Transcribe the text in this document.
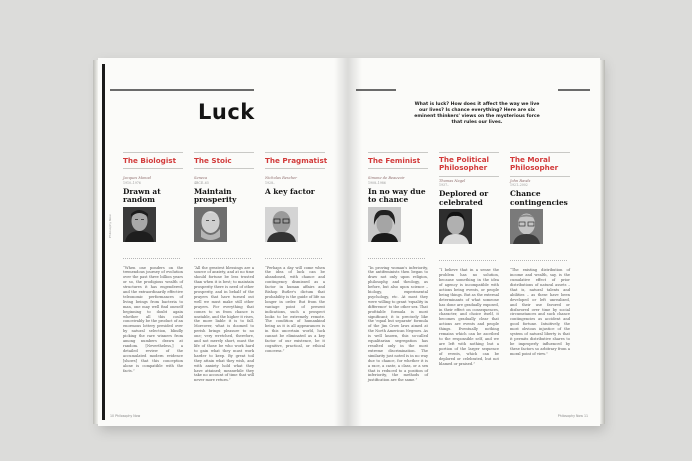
Luck
Philosophy Now
The Biologist
Jacques Monod
1910–1976
Drawn at random
“When one ponders on the tremendous journey of evolution over the past three billion years or so, the prodigious wealth of structures it has engendered, and the extraordinarily effective teleonomic performances of living beings from bacteria to man, one may well find oneself beginning to doubt again whether all this could conceivably be the product of an enormous lottery presided over by natural selection, blindly picking the rare winners from among numbers drawn at random. [Nevertheless,] a detailed review of the accumulated modern evidence [shows] that this conception alone is compatible with the facts.”
The Stoic
Seneca
4BCE–65
Maintain prosperity
“All the greatest blessings are a source of anxiety, and at no time should fortune be less trusted than when it is best; to maintain prosperity there is need of other prosperity, and in behalf of the prayers that have turned out well we must make still other prayers. For everything that comes to us from chance is unstable, and the higher it rises, the more liable it is to fall. Moreover, what is doomed to perish brings pleasure to no one; very wretched, therefore, and not merely short, must the life of those be who work hard to gain what they must work harder to keep. By great toil they attain what they wish, and with anxiety hold what they have attained; meanwhile they take no account of time that will never more return.”
The Pragmatist
Nicholas Rescher
1928–
A key factor
“Perhaps a day will come when the idea of luck can be abandoned, with chance and contingency dismissed as a factor in human affairs and Bishop Butler's dictum that probability is the guide of life no longer in order. But from the vantage point of present indications, such a prospect looks to be extremely remote. The condition of humankind being as it is all appearances is in this uncertain world, luck cannot be eliminated as a key factor of our existence, be it cognitive, practical, or ethical concerns.”
10 Philosophy Now
What is luck? How does it affect the way we live our lives? Is chance everything? Here are six eminent thinkers' views on the mysterious force that rules our lives.
The Feminist
Simone de Beauvoir
1908–1986
In no way due to chance
“In proving woman's inferiority, the antifeminists then began to draw not only upon religion, philosophy, and theology, as before, but also upon science – biology, experimental psychology, etc. At most they were willing to grant 'equality in difference' to the other sex. That profitable formula is most significant; it is precisely like the 'equal but separate' formula of the Jim Crow laws aimed at the North American Negroes. As is well known, this so-called equalitarian segregation has resulted only in the most extreme discrimination. The similarity just noted is in no way due to chance, for whether it is a race, a caste, a class, or a sex that is reduced to a position of inferiority, the methods of justification are the same.”
The Political Philosopher
Thomas Nagel
1937–
Deplored or celebrated
“I believe that in a sense the problem has no solution, because something in the idea of agency is incompatible with actions being events, or people being things. But as the external determinants of what someone has done are gradually exposed, in their effect on consequences, character, and choice itself, it becomes gradually clear that actions are events and people things. Eventually nothing remains which can be ascribed to the responsible self, and we are left with nothing but a portion of the larger sequence of events, which can be deplored or celebrated, but not blamed or praised.”
The Moral Philosopher
John Rawls
1921–2002
Chance contingencies
“The existing distribution of income and wealth, say, is the cumulative effect of prior distributions of natural assets – that is, natural talents and abilities – as these have been developed or left unrealized, and their use favored or disfavored over time by social circumstances and such chance contingencies as accident and good fortune. Intuitively, the most obvious injustice of the system of natural liberty is that it permits distributive shares to be improperly influenced by these factors so arbitrary from a moral point of view.”
Philosophy Now 11
